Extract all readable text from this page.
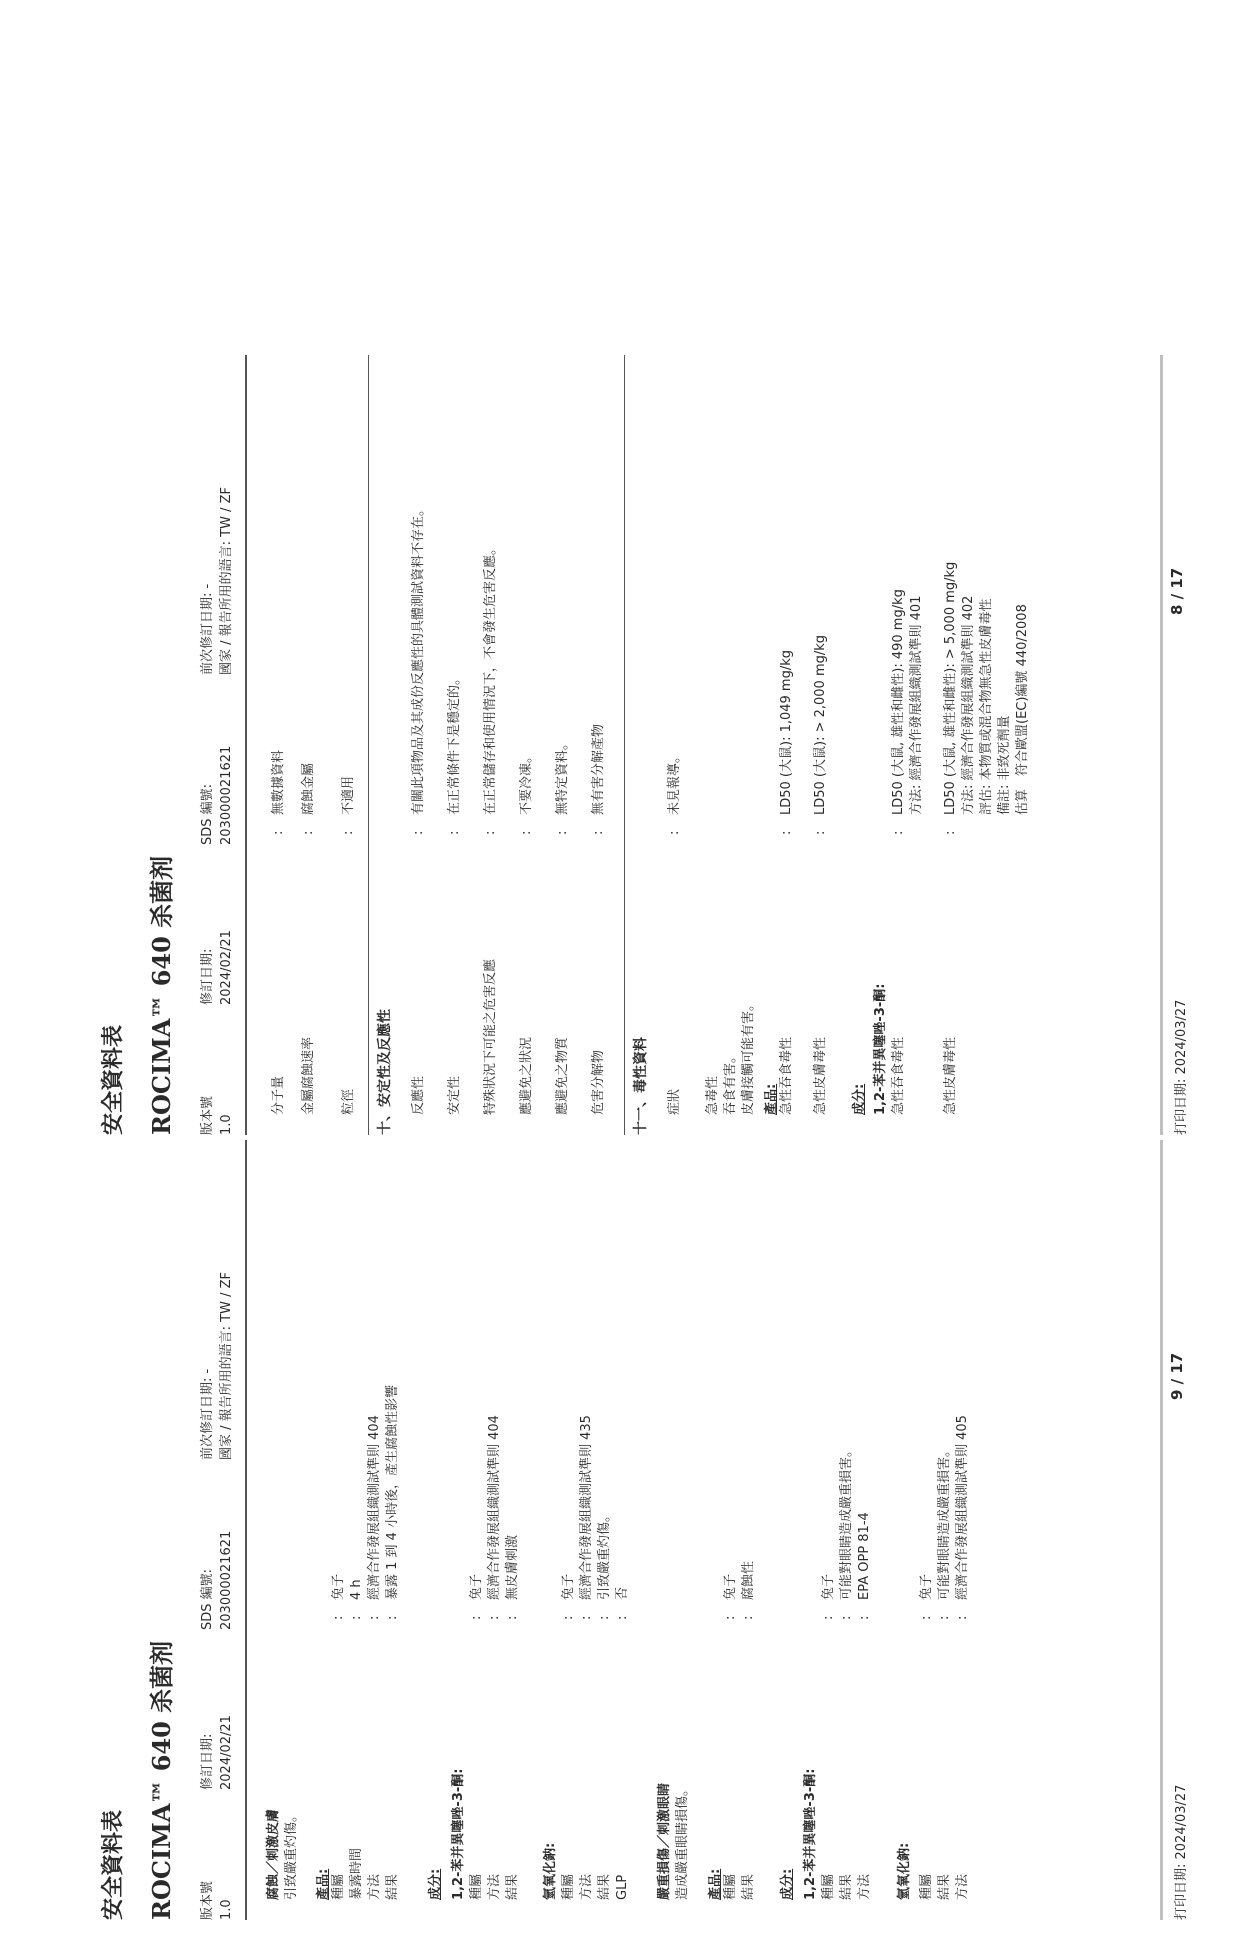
安全資料表 ROCIMA™ 640 杀菌剂 版本號 1.0
修訂日期: 2024/02/21
SDS 編號: 203000021621
前次修訂日期: - 國家 / 報告所用的語言: TW / ZF
分子量
:
無數據資料
金屬腐蝕速率
:
腐蝕金屬
粒徑
:
不適用
十、安定性及反應性 反應性
:
有關此項物品及其成份反應性的具體測試資料不存在。
安定性
:
在正常條件下是穩定的。
特殊狀況下可能之危害反應
:
在正常儲存和使用情況下，不會發生危害反應。
應避免之狀況
:
不要冷凍。
應避免之物質
:
無特定資料。
危害分解物
:
無有害分解產物
十一、毒性資料 症狀
:
未見報導。
急毒性 吞食有害。 皮膚接觸可能有害。 產品: 急性吞食毒性
:
LD50 (大鼠): 1,049 mg/kg
急性皮膚毒性
:
LD50 (大鼠): > 2,000 mg/kg
成分: 1,2-苯并異噻唑-3-酮: 急性吞食毒性
:
LD50 (大鼠, 雄性和雌性): 490 mg/kg 方法: 經濟合作發展組織測試準則 401
急性皮膚毒性
:
LD50 (大鼠, 雄性和雌性): > 5,000 mg/kg 方法: 經濟合作發展組織測試準則 402 評估: 本物質或混合物無急性皮膚毒性 備註: 非致死劑量 估算　符合歐盟(EC)編號 440/2008
打印日期: 2024/03/27
8 / 17
安全資料表 ROCIMA™ 640 杀菌剂 版本號 1.0
修訂日期: 2024/02/21
SDS 編號: 203000021621
前次修訂日期: - 國家 / 報告所用的語言: TW / ZF
腐蝕／刺激皮膚 引致嚴重灼傷。	產品: 種屬
:
兔子
暴露時間
:
4 h
方法
:
經濟合作發展組織測試準則 404
結果
:
暴露 1 到 4 小時後，產生腐蝕性影響
成分: 1,2-苯并異噻唑-3-酮: 種屬
:
兔子
方法
:
經濟合作發展組織測試準則 404
結果
:
無皮膚刺激
氫氧化鈉: 種屬
:
兔子
方法
:
經濟合作發展組織測試準則 435
結果
:
引致嚴重灼傷。
GLP
:
否
嚴重損傷／刺激眼睛 造成嚴重眼睛損傷。	產品: 種屬
:
兔子
結果
:
腐蝕性
成分: 1,2-苯并異噻唑-3-酮: 種屬
:
兔子
結果
:
可能對眼睛造成嚴重損害。
方法
:
EPA OPP 81-4
氫氧化鈉: 種屬
:
兔子
結果
:
可能對眼睛造成嚴重損害。
方法
:
經濟合作發展組織測試準則 405
打印日期: 2024/03/27
9 / 17
